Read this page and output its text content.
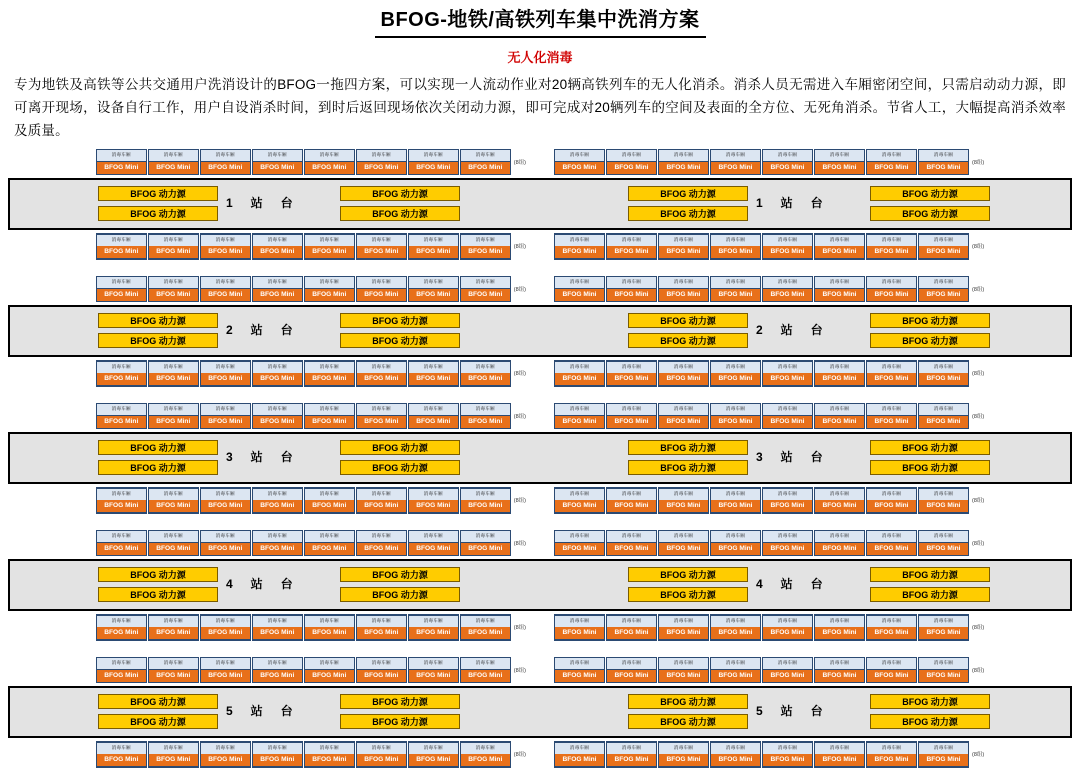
BFOG-地铁/高铁列车集中洗消方案
无人化消毒
专为地铁及高铁等公共交通用户洗消设计的BFOG一拖四方案，可以实现一人流动作业对20辆高铁列车的无人化消杀。消杀人员无需进入车厢密闭空间，只需启动动力源，即可离开现场，设备自行工作，用户自设消杀时间，到时后返回现场依次关闭动力源，即可完成对20辆列车的空间及表面的全方位、无死角消杀。节省人工，大幅提高消杀效率及质量。
消毒车厢
BFOG Mini
消毒车厢
BFOG Mini
消毒车厢
BFOG Mini
消毒车厢
BFOG Mini
消毒车厢
BFOG Mini
消毒车厢
BFOG Mini
消毒车厢
BFOG Mini
消毒车厢
BFOG Mini
(8组)
消毒车厢
BFOG Mini
消毒车厢
BFOG Mini
消毒车厢
BFOG Mini
消毒车厢
BFOG Mini
消毒车厢
BFOG Mini
消毒车厢
BFOG Mini
消毒车厢
BFOG Mini
消毒车厢
BFOG Mini
(8组)
BFOG 动力源	BFOG 动力源
BFOG 动力源	BFOG 动力源
1　站　台
BFOG 动力源	BFOG 动力源
BFOG 动力源	BFOG 动力源
1　站　台
消毒车厢
BFOG Mini
消毒车厢
BFOG Mini
消毒车厢
BFOG Mini
消毒车厢
BFOG Mini
消毒车厢
BFOG Mini
消毒车厢
BFOG Mini
消毒车厢
BFOG Mini
消毒车厢
BFOG Mini
(8组)
消毒车厢
BFOG Mini
消毒车厢
BFOG Mini
消毒车厢
BFOG Mini
消毒车厢
BFOG Mini
消毒车厢
BFOG Mini
消毒车厢
BFOG Mini
消毒车厢
BFOG Mini
消毒车厢
BFOG Mini
(8组)
消毒车厢
BFOG Mini
消毒车厢
BFOG Mini
消毒车厢
BFOG Mini
消毒车厢
BFOG Mini
消毒车厢
BFOG Mini
消毒车厢
BFOG Mini
消毒车厢
BFOG Mini
消毒车厢
BFOG Mini
(8组)
消毒车厢
BFOG Mini
消毒车厢
BFOG Mini
消毒车厢
BFOG Mini
消毒车厢
BFOG Mini
消毒车厢
BFOG Mini
消毒车厢
BFOG Mini
消毒车厢
BFOG Mini
消毒车厢
BFOG Mini
(8组)
BFOG 动力源	BFOG 动力源
BFOG 动力源	BFOG 动力源
2　站　台
BFOG 动力源	BFOG 动力源
BFOG 动力源	BFOG 动力源
2　站　台
消毒车厢
BFOG Mini
消毒车厢
BFOG Mini
消毒车厢
BFOG Mini
消毒车厢
BFOG Mini
消毒车厢
BFOG Mini
消毒车厢
BFOG Mini
消毒车厢
BFOG Mini
消毒车厢
BFOG Mini
(8组)
消毒车厢
BFOG Mini
消毒车厢
BFOG Mini
消毒车厢
BFOG Mini
消毒车厢
BFOG Mini
消毒车厢
BFOG Mini
消毒车厢
BFOG Mini
消毒车厢
BFOG Mini
消毒车厢
BFOG Mini
(8组)
消毒车厢
BFOG Mini
消毒车厢
BFOG Mini
消毒车厢
BFOG Mini
消毒车厢
BFOG Mini
消毒车厢
BFOG Mini
消毒车厢
BFOG Mini
消毒车厢
BFOG Mini
消毒车厢
BFOG Mini
(8组)
消毒车厢
BFOG Mini
消毒车厢
BFOG Mini
消毒车厢
BFOG Mini
消毒车厢
BFOG Mini
消毒车厢
BFOG Mini
消毒车厢
BFOG Mini
消毒车厢
BFOG Mini
消毒车厢
BFOG Mini
(8组)
BFOG 动力源	BFOG 动力源
BFOG 动力源	BFOG 动力源
3　站　台
BFOG 动力源	BFOG 动力源
BFOG 动力源	BFOG 动力源
3　站　台
消毒车厢
BFOG Mini
消毒车厢
BFOG Mini
消毒车厢
BFOG Mini
消毒车厢
BFOG Mini
消毒车厢
BFOG Mini
消毒车厢
BFOG Mini
消毒车厢
BFOG Mini
消毒车厢
BFOG Mini
(8组)
消毒车厢
BFOG Mini
消毒车厢
BFOG Mini
消毒车厢
BFOG Mini
消毒车厢
BFOG Mini
消毒车厢
BFOG Mini
消毒车厢
BFOG Mini
消毒车厢
BFOG Mini
消毒车厢
BFOG Mini
(8组)
消毒车厢
BFOG Mini
消毒车厢
BFOG Mini
消毒车厢
BFOG Mini
消毒车厢
BFOG Mini
消毒车厢
BFOG Mini
消毒车厢
BFOG Mini
消毒车厢
BFOG Mini
消毒车厢
BFOG Mini
(8组)
消毒车厢
BFOG Mini
消毒车厢
BFOG Mini
消毒车厢
BFOG Mini
消毒车厢
BFOG Mini
消毒车厢
BFOG Mini
消毒车厢
BFOG Mini
消毒车厢
BFOG Mini
消毒车厢
BFOG Mini
(8组)
BFOG 动力源	BFOG 动力源
BFOG 动力源	BFOG 动力源
4　站　台
BFOG 动力源	BFOG 动力源
BFOG 动力源	BFOG 动力源
4　站　台
消毒车厢
BFOG Mini
消毒车厢
BFOG Mini
消毒车厢
BFOG Mini
消毒车厢
BFOG Mini
消毒车厢
BFOG Mini
消毒车厢
BFOG Mini
消毒车厢
BFOG Mini
消毒车厢
BFOG Mini
(8组)
消毒车厢
BFOG Mini
消毒车厢
BFOG Mini
消毒车厢
BFOG Mini
消毒车厢
BFOG Mini
消毒车厢
BFOG Mini
消毒车厢
BFOG Mini
消毒车厢
BFOG Mini
消毒车厢
BFOG Mini
(8组)
消毒车厢
BFOG Mini
消毒车厢
BFOG Mini
消毒车厢
BFOG Mini
消毒车厢
BFOG Mini
消毒车厢
BFOG Mini
消毒车厢
BFOG Mini
消毒车厢
BFOG Mini
消毒车厢
BFOG Mini
(8组)
消毒车厢
BFOG Mini
消毒车厢
BFOG Mini
消毒车厢
BFOG Mini
消毒车厢
BFOG Mini
消毒车厢
BFOG Mini
消毒车厢
BFOG Mini
消毒车厢
BFOG Mini
消毒车厢
BFOG Mini
(8组)
BFOG 动力源	BFOG 动力源
BFOG 动力源	BFOG 动力源
5　站　台
BFOG 动力源	BFOG 动力源
BFOG 动力源	BFOG 动力源
5　站　台
消毒车厢
BFOG Mini
消毒车厢
BFOG Mini
消毒车厢
BFOG Mini
消毒车厢
BFOG Mini
消毒车厢
BFOG Mini
消毒车厢
BFOG Mini
消毒车厢
BFOG Mini
消毒车厢
BFOG Mini
(8组)
消毒车厢
BFOG Mini
消毒车厢
BFOG Mini
消毒车厢
BFOG Mini
消毒车厢
BFOG Mini
消毒车厢
BFOG Mini
消毒车厢
BFOG Mini
消毒车厢
BFOG Mini
消毒车厢
BFOG Mini
(8组)
